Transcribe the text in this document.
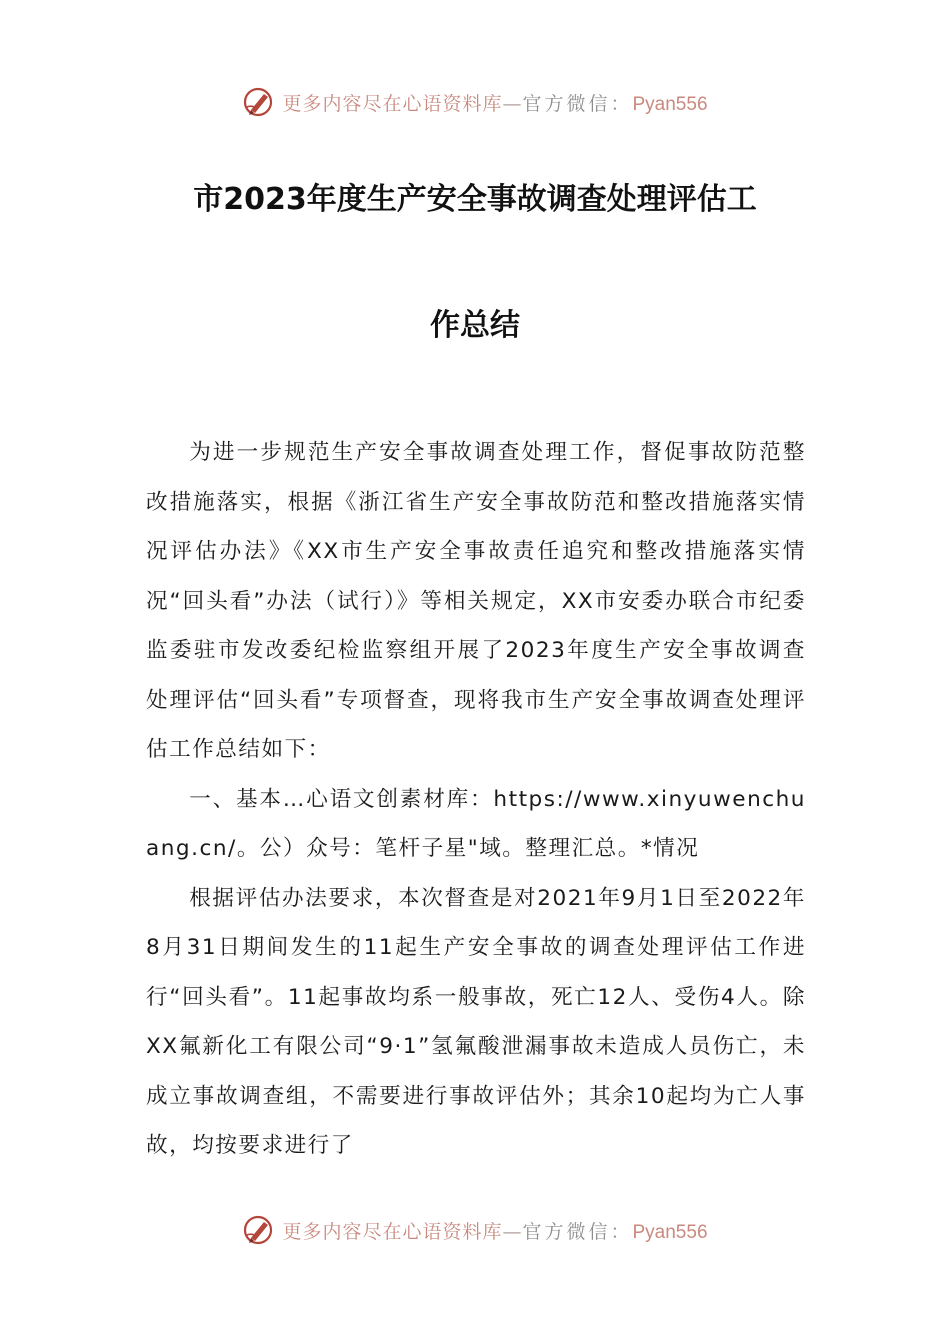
更多内容尽在心语资料库—官方微信：Pyan556
市2023年度生产安全事故调查处理评估工
作总结

为进一步规范生产安全事故调查处理工作，督促事故防范整改措施落实，根据《浙江省生产安全事故防范和整改措施落实情况评估办法》《XX市生产安全事故责任追究和整改措施落实情况“回头看”办法（试行）》等相关规定，XX市安委办联合市纪委监委驻市发改委纪检监察组开展了2023年度生产安全事故调查处理评估“回头看”专项督查，现将我市生产安全事故调查处理评估工作总结如下：

一、基本…心语文创素材库：https://www.xinyuwenchuang.cn/。公）众号：笔杆子星"域。整理汇总。*情况

根据评估办法要求，本次督查是对2021年9月1日至2022年8月31日期间发生的11起生产安全事故的调查处理评估工作进行“回头看”。11起事故均系一般事故，死亡12人、受伤4人。除XX氟新化工有限公司“9·1”氢氟酸泄漏事故未造成人员伤亡，未成立事故调查组，不需要进行事故评估外；其余10起均为亡人事故，均按要求进行了

更多内容尽在心语资料库—官方微信：Pyan556
